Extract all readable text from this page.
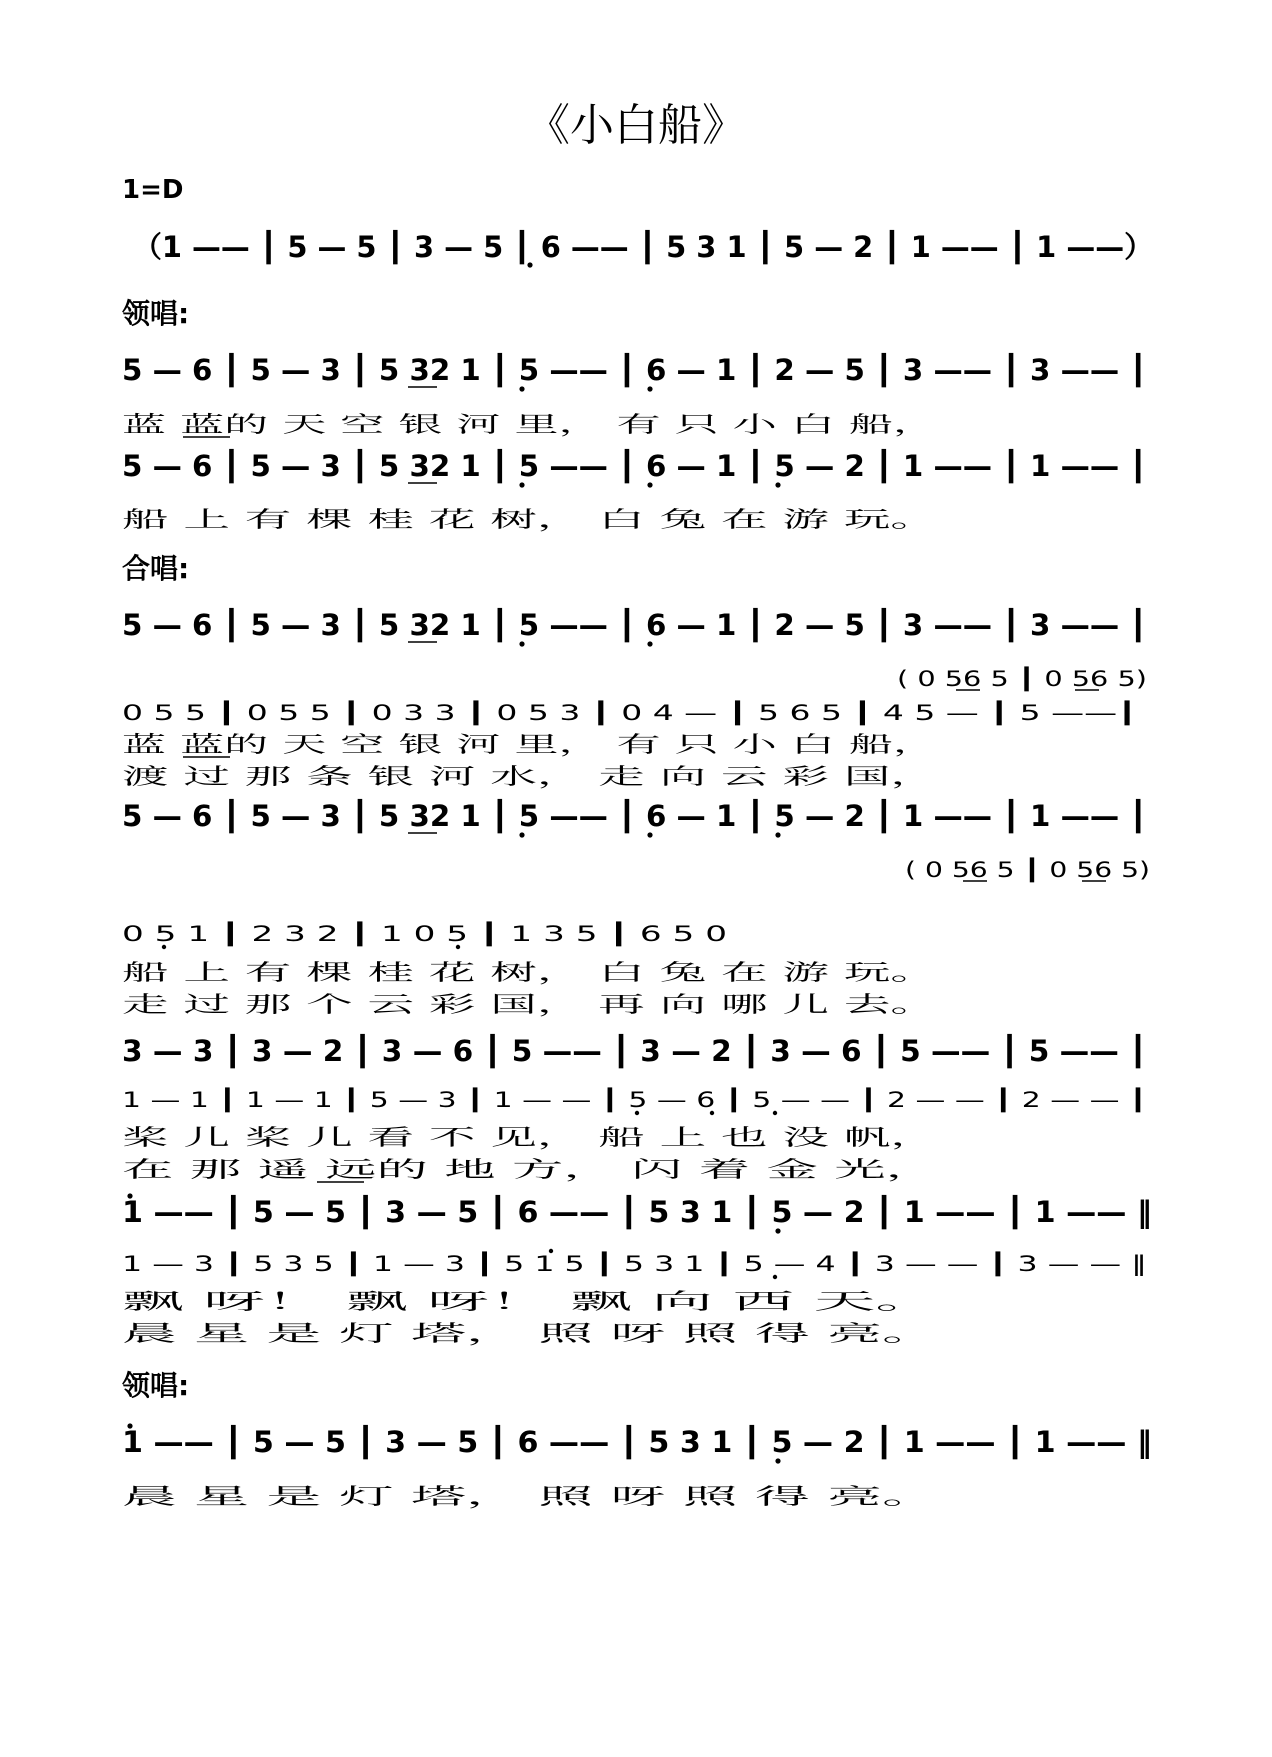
《小白船》
1=D
（1 —— ┃ 5 — 5 ┃ 3 — 5 ┃ 6 —— ┃ 5 3 1 ┃ 5 — 2 ┃ 1 —— ┃ 1 ——）
领唱:
5 — 6 ┃ 5 — 3 ┃ 5 32 1 ┃ 5 —— ┃ 6 — 1 ┃ 2 — 5 ┃ 3 —— ┃ 3 —— ┃
蓝 蓝的 天 空 银 河 里， 有 只 小 白 船，
5 — 6 ┃ 5 — 3 ┃ 5 32 1 ┃ 5 —— ┃ 6 — 1 ┃ 5 — 2 ┃ 1 —— ┃ 1 —— ┃
船 上 有 棵 桂 花 树， 白 兔 在 游 玩。
合唱:
5 — 6 ┃ 5 — 3 ┃ 5 32 1 ┃ 5 —— ┃ 6 — 1 ┃ 2 — 5 ┃ 3 —— ┃ 3 —— ┃
( 0 56 5 ┃ 0 56 5)
0 5 5 ┃ 0 5 5 ┃ 0 3 3 ┃ 0 5 3 ┃ 0 4 — ┃ 5 6 5 ┃ 4 5 — ┃ 5 ——┃
蓝 蓝的 天 空 银 河 里， 有 只 小 白 船，
渡 过 那 条 银 河 水， 走 向 云 彩 国，
5 — 6 ┃ 5 — 3 ┃ 5 32 1 ┃ 5 —— ┃ 6 — 1 ┃ 5 — 2 ┃ 1 —— ┃ 1 —— ┃
( 0 56 5 ┃ 0 56 5)
0 5 1 ┃ 2 3 2 ┃ 1 0 5 ┃ 1 3 5 ┃ 6 5 0
船 上 有 棵 桂 花 树， 白 兔 在 游 玩。
走 过 那 个 云 彩 国， 再 向 哪 儿 去。
3 — 3 ┃ 3 — 2 ┃ 3 — 6 ┃ 5 —— ┃ 3 — 2 ┃ 3 — 6 ┃ 5 —— ┃ 5 —— ┃
1 — 1 ┃ 1 — 1 ┃ 5 — 3 ┃ 1 — — ┃ 5 — 6 ┃ 5 — — ┃ 2 — — ┃ 2 — — ┃
桨 儿 桨 儿 看 不 见， 船 上 也 没 帆，
在 那 遥 远的 地 方， 闪 着 金 光，
1 —— ┃ 5 — 5 ┃ 3 — 5 ┃ 6 —— ┃ 5 3 1 ┃ 5 — 2 ┃ 1 —— ┃ 1 —— ‖
1 — 3 ┃ 5 3 5 ┃ 1 — 3 ┃ 5 1 5 ┃ 5 3 1 ┃ 5 — 4 ┃ 3 — — ┃ 3 — — ‖
飘 呀！ 飘 呀！ 飘 向 西 天。
晨 星 是 灯 塔， 照 呀 照 得 亮。
领唱:
1 —— ┃ 5 — 5 ┃ 3 — 5 ┃ 6 —— ┃ 5 3 1 ┃ 5 — 2 ┃ 1 —— ┃ 1 —— ‖
晨 星 是 灯 塔， 照 呀 照 得 亮。
